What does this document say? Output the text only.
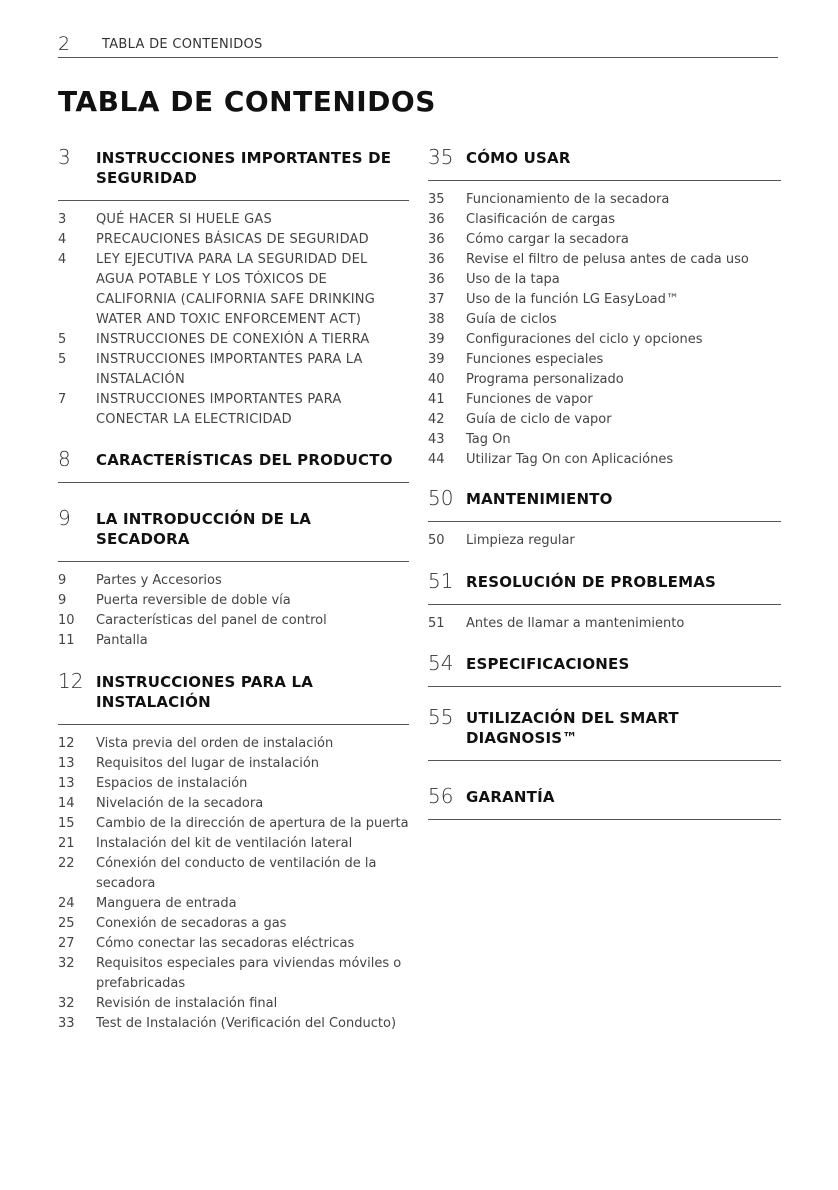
2 TABLA DE CONTENIDOS
TABLA DE CONTENIDOS
3	INSTRUCCIONES IMPORTANTES DE SEGURIDAD
3	QUÉ HACER SI HUELE GAS
4	PRECAUCIONES BÁSICAS DE SEGURIDAD
4	LEY EJECUTIVA PARA LA SEGURIDAD DEL AGUA POTABLE Y LOS TÓXICOS DE CALIFORNIA (CALIFORNIA SAFE DRINKING WATER AND TOXIC ENFORCEMENT ACT)
5	INSTRUCCIONES DE CONEXIÓN A TIERRA
5	INSTRUCCIONES IMPORTANTES PARA LA INSTALACIÓN
7	INSTRUCCIONES IMPORTANTES PARA CONECTAR LA ELECTRICIDAD
8	CARACTERÍSTICAS DEL PRODUCTO
9	LA INTRODUCCIÓN DE LA SECADORA
9	Partes y Accesorios
9	Puerta reversible de doble vía
10	Características del panel de control
11	Pantalla
12 INSTRUCCIONES PARA LA INSTALACIÓN
12	Vista previa del orden de instalación
13	Requisitos del lugar de instalación
13	Espacios de instalación
14	Nivelación de la secadora
15	Cambio de la dirección de apertura de la puerta
21	Instalación del kit de ventilación lateral
22	Cónexión del conducto de ventilación de la secadora
24	Manguera de entrada
25	Conexión de secadoras a gas
27	Cómo conectar las secadoras eléctricas
32	Requisitos especiales para viviendas móviles o prefabricadas
32	Revisión de instalación final
33	Test de Instalación (Verificación del Conducto)
35 CÓMO USAR
35	Funcionamiento de la secadora
36	Clasificación de cargas
36	Cómo cargar la secadora
36	Revise el filtro de pelusa antes de cada uso
36	Uso de la tapa
37	Uso de la función LG EasyLoad™
38	Guía de ciclos
39	Configuraciones del ciclo y opciones
39	Funciones especiales
40	Programa personalizado
41	Funciones de vapor
42	Guía de ciclo de vapor
43	Tag On
44	Utilizar Tag On con Aplicaciónes
50 MANTENIMIENTO
50	Limpieza regular
51 RESOLUCIÓN DE PROBLEMAS
51	Antes de llamar a mantenimiento
54 ESPECIFICACIONES
55 UTILIZACIÓN DEL SMART DIAGNOSIS™
56 GARANTÍA
